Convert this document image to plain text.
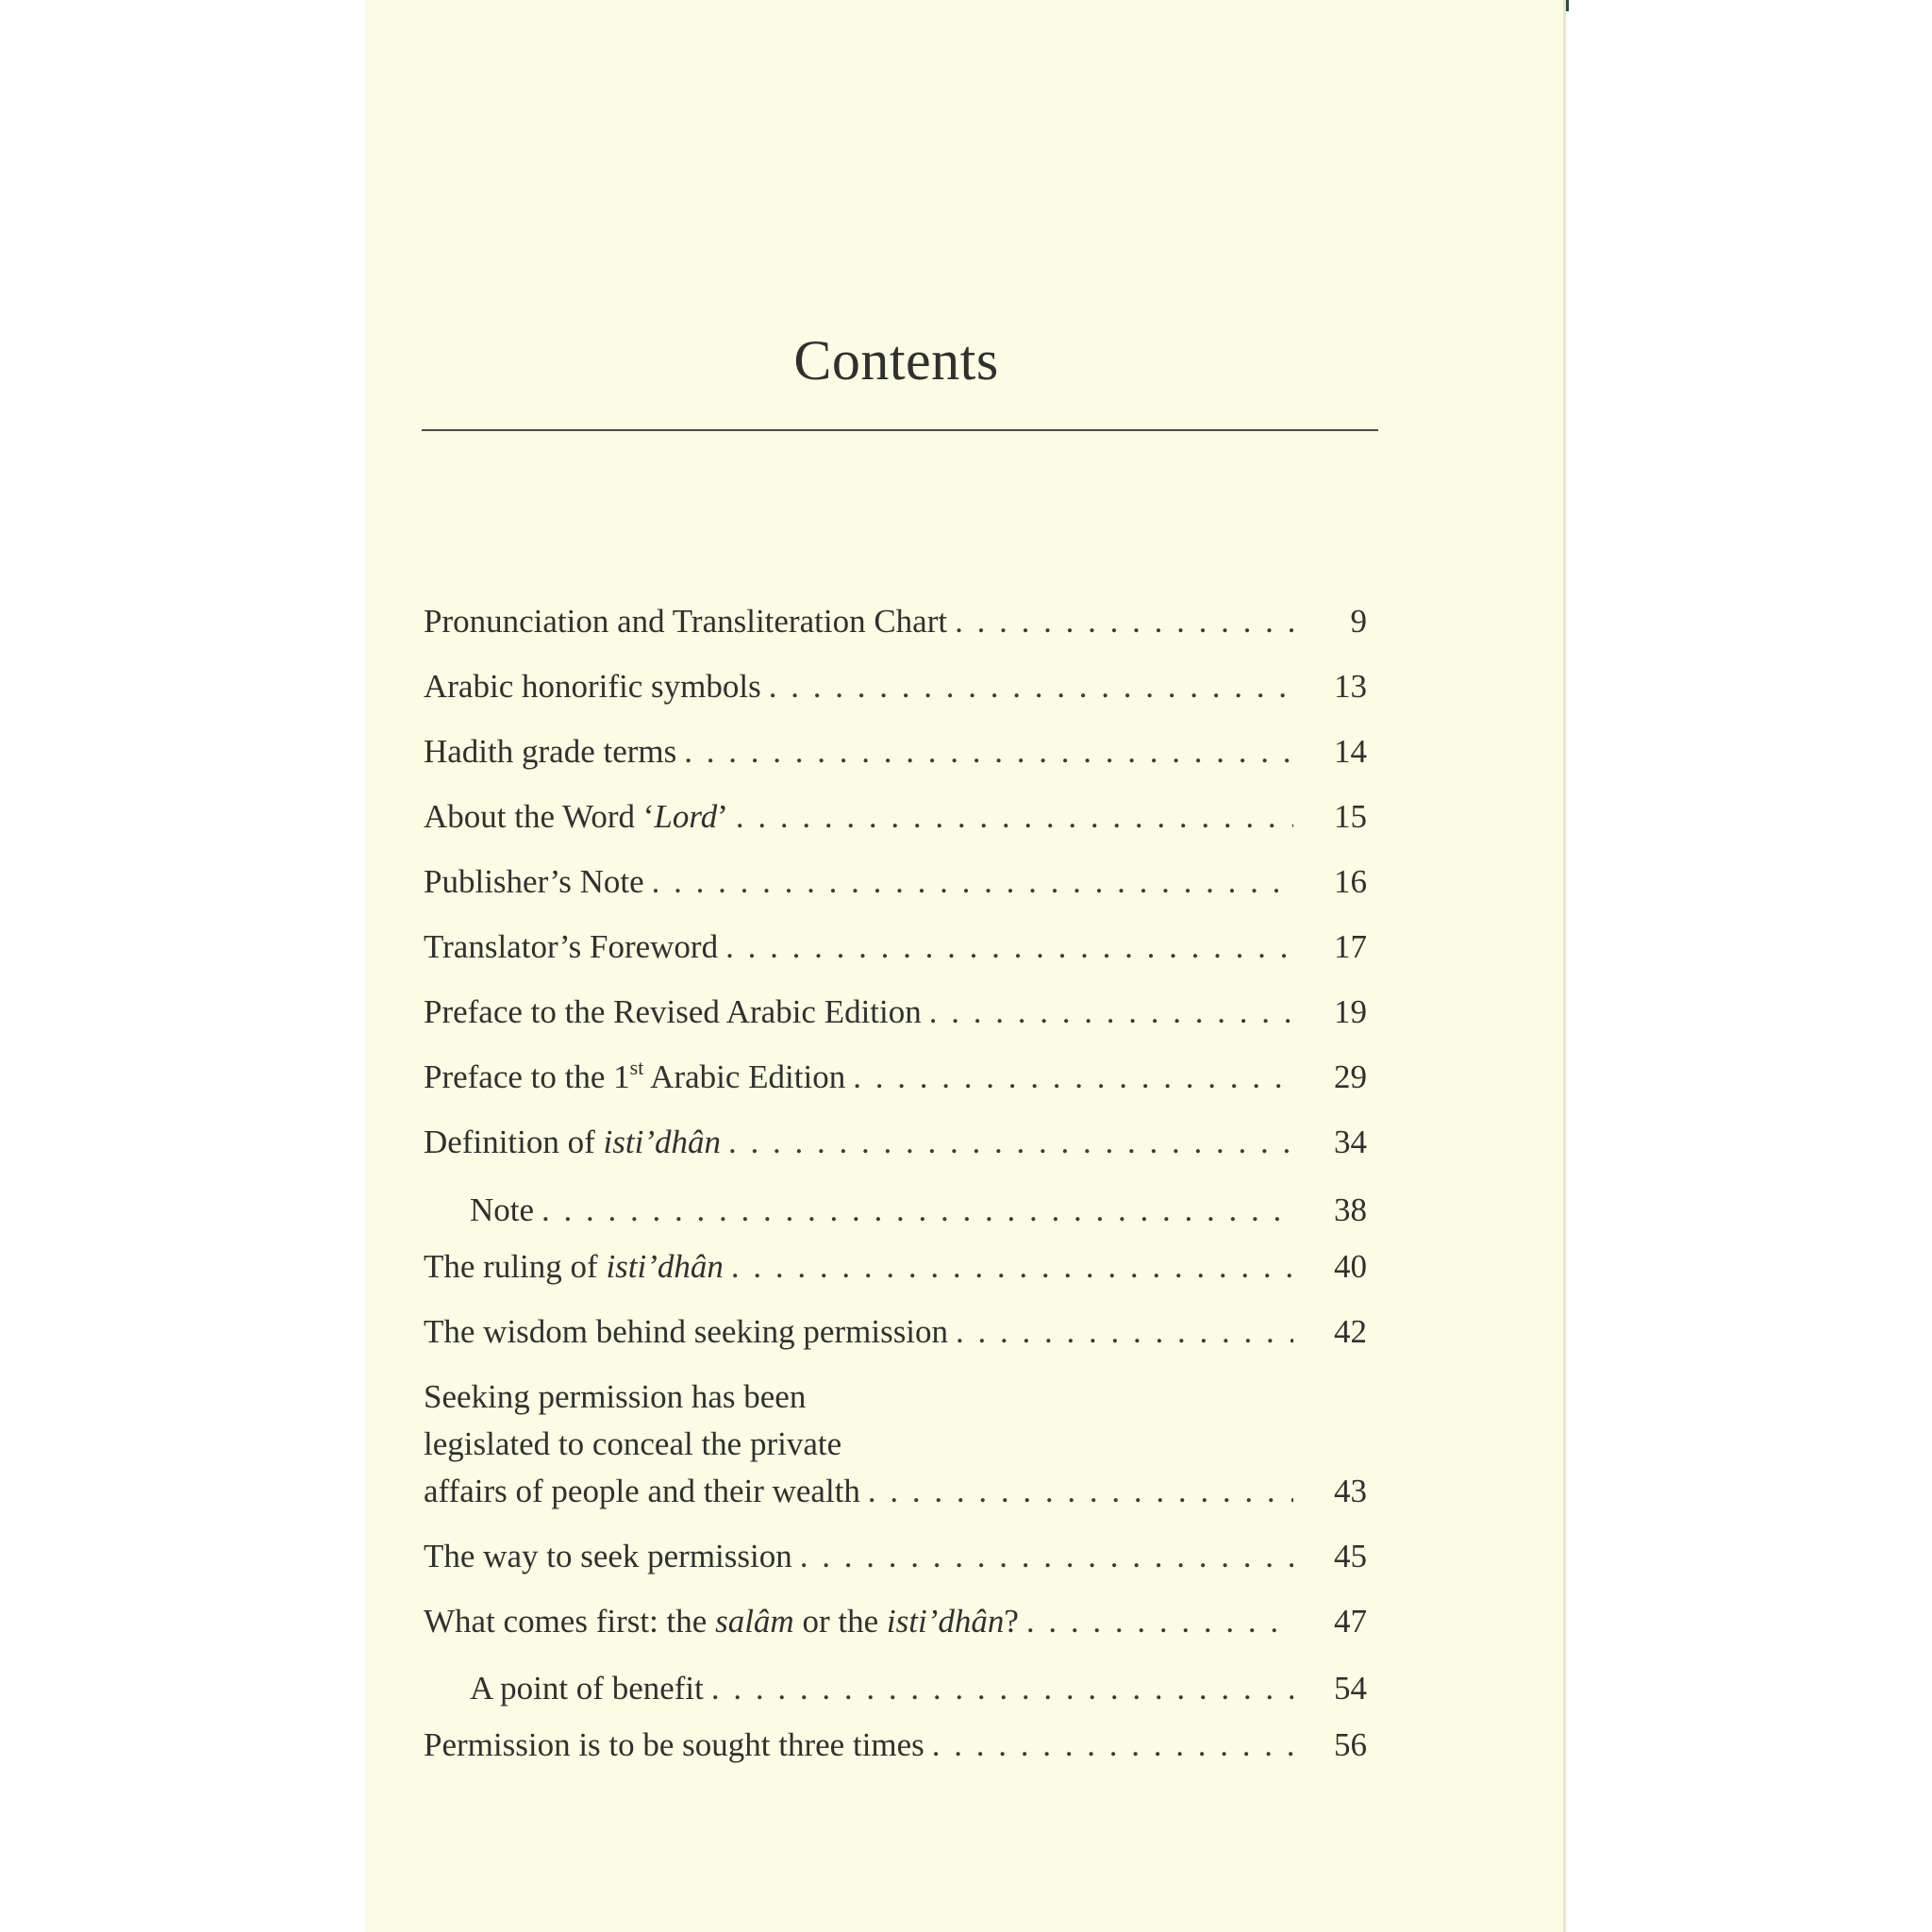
Contents
Pronunciation and Transliteration Chart . . .	9
Arabic honorific symbols . . .	13
Hadith grade terms . . .	14
About the Word ‘Lord’ . . .	15
Publisher’s Note . . .	16
Translator’s Foreword . . .	17
Preface to the Revised Arabic Edition . . .	19
Preface to the 1st Arabic Edition . . .	29
Definition of isti’dhân . . .	34
Note . . .	38
The ruling of isti’dhân . . .	40
The wisdom behind seeking permission . . .	42
Seeking permission has been
legislated to conceal the private
affairs of people and their wealth . . .	43
The way to seek permission . . .	45
What comes first: the salâm or the isti’dhân? . . .	47
A point of benefit . . .	54
Permission is to be sought three times . . .	56
